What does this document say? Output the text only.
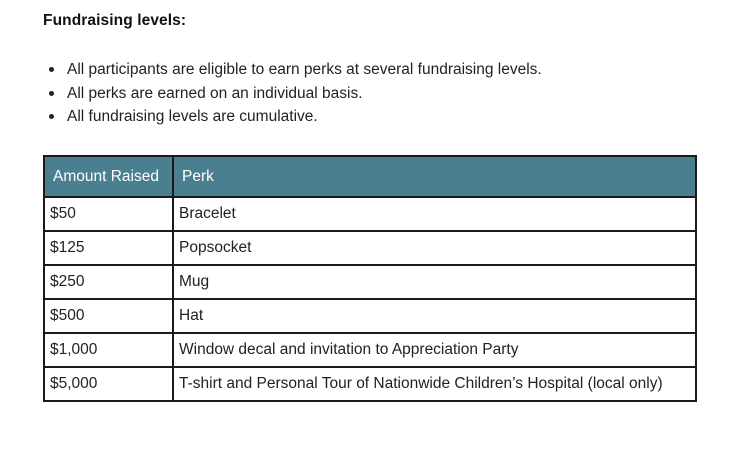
Fundraising levels:
All participants are eligible to earn perks at several fundraising levels.
All perks are earned on an individual basis.
All fundraising levels are cumulative.
Amount Raised	Perk
$50	Bracelet
$125	Popsocket
$250	Mug
$500	Hat
$1,000	Window decal and invitation to Appreciation Party
$5,000	T-shirt and Personal Tour of Nationwide Children’s Hospital (local only)
